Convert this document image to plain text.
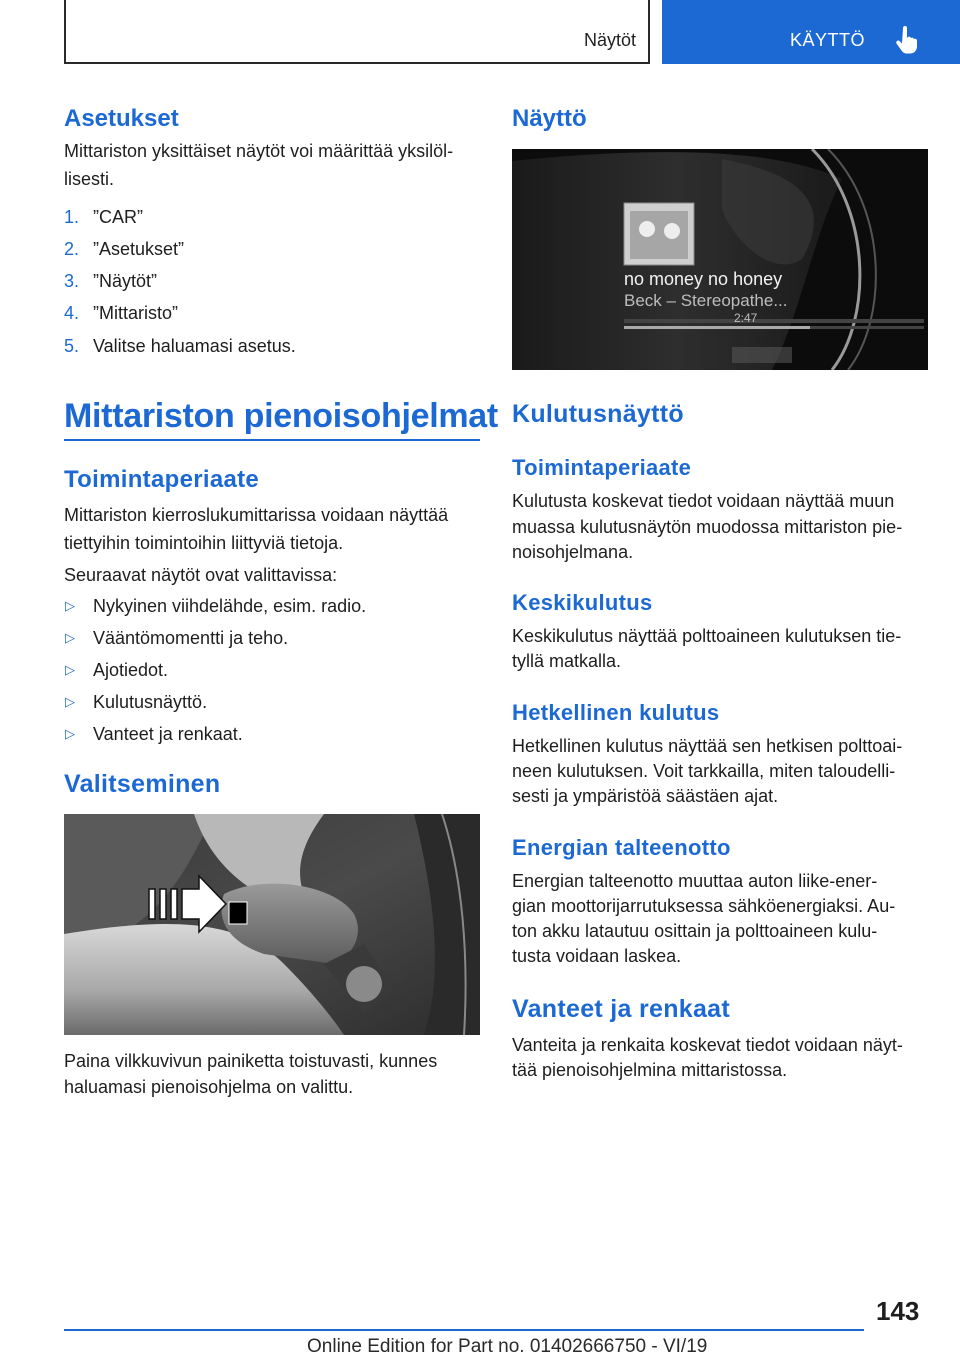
Näytöt	KÄYTTÖ
Asetukset

Mittariston yksittäiset näytöt voi määrittää yksilöl-

lisesti.

1. ”CAR”
2. ”Asetukset”
3. ”Näytöt”
4. ”Mittaristo”
5. Valitse haluamasi asetus.
Mittariston pienoisohjelmat
Toimintaperiaate

Mittariston kierroslukumittarissa voidaan näyttää

tiettyihin toimintoihin liittyviä tietoja.

Seuraavat näytöt ovat valittavissa:

▷ Nykyinen viihdelähde, esim. radio.
▷ Vääntömomentti ja teho.
▷ Ajotiedot.
▷ Kulutusnäyttö.
▷ Vanteet ja renkaat.
Valitseminen

Paina vilkkuvivun painiketta toistuvasti, kunnes

haluamasi pienoisohjelma on valittu.

Näyttö
no money no honey
Beck – Stereopathe...
2:47
Kulutusnäyttö
Toimintaperiaate

Kulutusta koskevat tiedot voidaan näyttää muun

muassa kulutusnäytön muodossa mittariston pie-

noisohjelmana.

Keskikulutus

Keskikulutus näyttää polttoaineen kulutuksen tie-

tyllä matkalla.

Hetkellinen kulutus

Hetkellinen kulutus näyttää sen hetkisen polttoai-

neen kulutuksen. Voit tarkkailla, miten taloudelli-

sesti ja ympäristöä säästäen ajat.

Energian talteenotto

Energian talteenotto muuttaa auton liike-ener-

gian moottorijarrutuksessa sähköenergiaksi. Au-

ton akku latautuu osittain ja polttoaineen kulu-

tusta voidaan laskea.

Vanteet ja renkaat

Vanteita ja renkaita koskevat tiedot voidaan näyt-

tää pienoisohjelmina mittaristossa.

143
Online Edition for Part no. 01402666750 - VI/19
